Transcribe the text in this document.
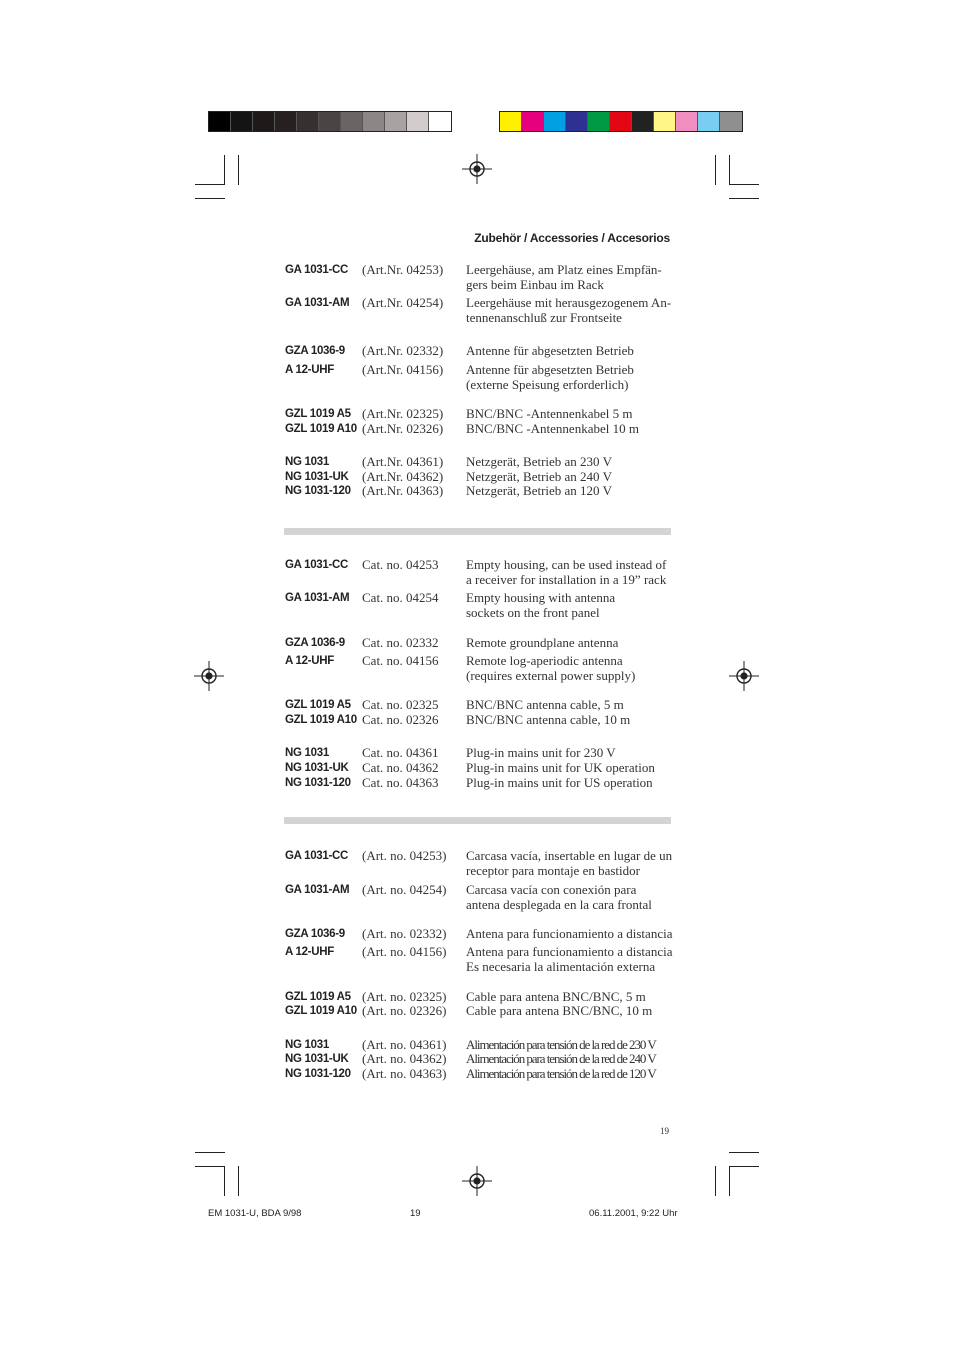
Zubehör / Accessories / Accesorios
GA 1031-CC (Art.Nr. 04253) Leergehäuse, am Platz eines Empfän-
gers beim Einbau im Rack
GA 1031-AM (Art.Nr. 04254) Leergehäuse mit herausgezogenem An-
tennenanschluß zur Frontseite
GZA 1036-9 (Art.Nr. 02332) Antenne für abgesetzten Betrieb
A 12-UHF (Art.Nr. 04156) Antenne für abgesetzten Betrieb
(externe Speisung erforderlich)
GZL 1019 A5 (Art.Nr. 02325) BNC/BNC -Antennenkabel 5 m
GZL 1019 A10 (Art.Nr. 02326) BNC/BNC -Antennenkabel 10 m
NG 1031	(Art.Nr. 04361) Netzgerät, Betrieb an 230 V
NG 1031-UK (Art.Nr. 04362) Netzgerät, Betrieb an 240 V
NG 1031-120 (Art.Nr. 04363) Netzgerät, Betrieb an 120 V
GA 1031-CC Cat. no. 04253 Empty housing, can be used instead of
a receiver for installation in a 19” rack
GA 1031-AM Cat. no. 04254 Empty housing with antenna
sockets on the front panel
GZA 1036-9 Cat. no. 02332 Remote groundplane antenna
A 12-UHF Cat. no. 04156 Remote log-aperiodic antenna
(requires external power supply)
GZL 1019 A5 Cat. no. 02325 BNC/BNC antenna cable, 5 m
GZL 1019 A10 Cat. no. 02326 BNC/BNC antenna cable, 10 m
NG 1031	Cat. no. 04361 Plug-in mains unit for 230 V
NG 1031-UK Cat. no. 04362 Plug-in mains unit for UK operation
NG 1031-120 Cat. no. 04363 Plug-in mains unit for US operation
GA 1031-CC (Art. no. 04253) Carcasa vacía, insertable en lugar de un
receptor para montaje en bastidor
GA 1031-AM (Art. no. 04254) Carcasa vacía con conexión para
antena desplegada en la cara frontal
GZA 1036-9 (Art. no. 02332) Antena para funcionamiento a distancia
A 12-UHF (Art. no. 04156) Antena para funcionamiento a distancia
Es necesaria la alimentación externa
GZL 1019 A5 (Art. no. 02325) Cable para antena BNC/BNC, 5 m
GZL 1019 A10 (Art. no. 02326) Cable para antena BNC/BNC, 10 m
NG 1031	(Art. no. 04361) Alimentación para tensión de la red de 230 V
NG 1031-UK (Art. no. 04362) Alimentación para tensión de la red de 240 V
NG 1031-120 (Art. no. 04363) Alimentación para tensión de la red de 120 V
19
EM 1031-U, BDA 9/98	19	06.11.2001, 9:22 Uhr
